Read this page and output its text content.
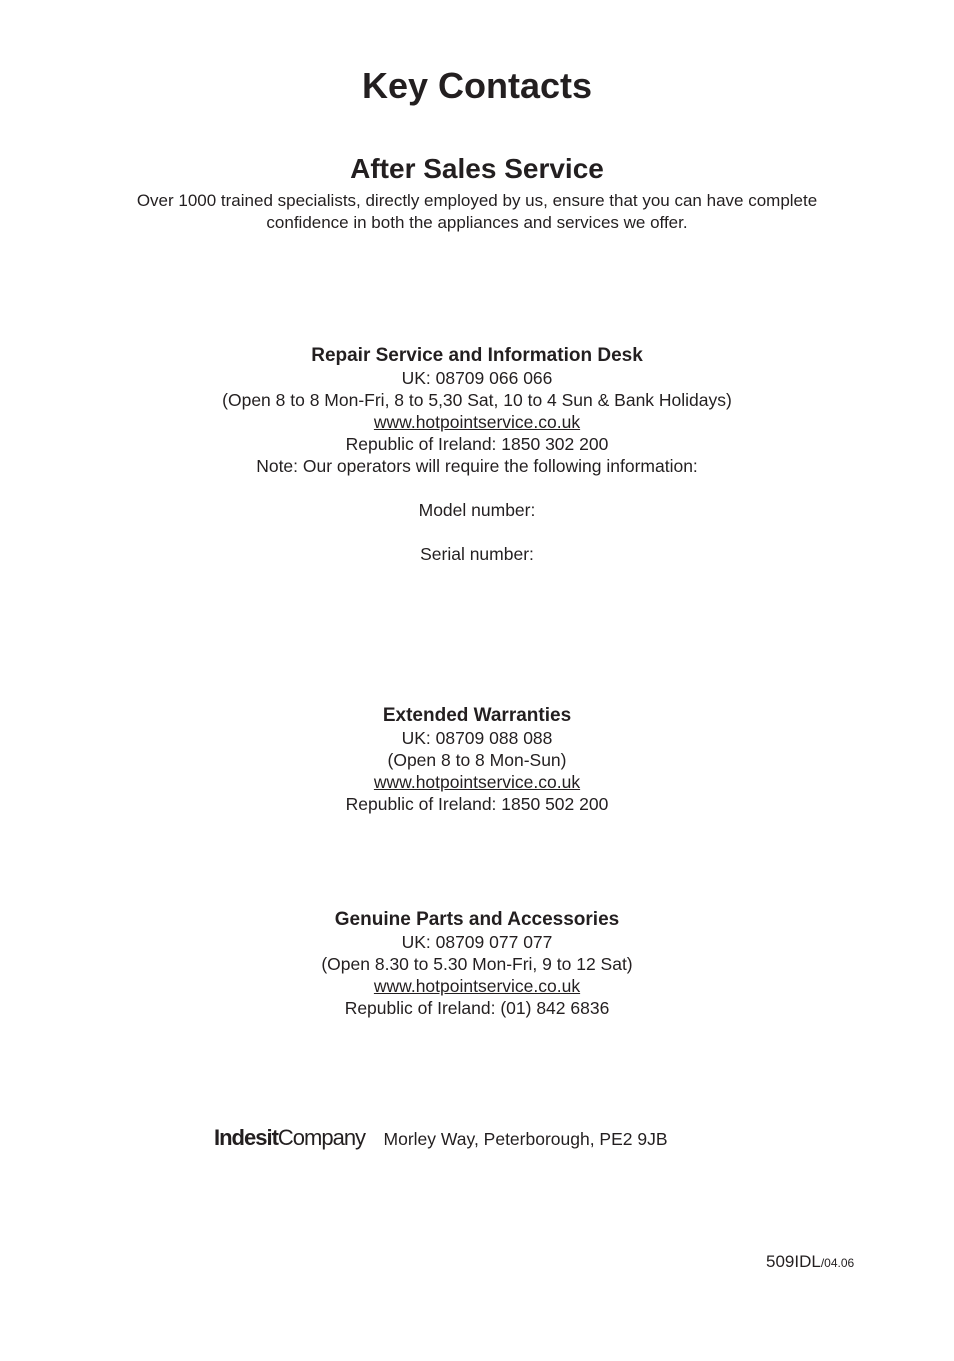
Key Contacts
After Sales Service
Over 1000 trained specialists, directly employed by us, ensure that you can have complete
confidence in both the appliances and services we offer.
Repair Service and Information Desk
UK: 08709 066 066
(Open 8 to 8 Mon-Fri, 8 to 5,30 Sat, 10 to 4 Sun & Bank Holidays)
www.hotpointservice.co.uk
Republic of Ireland: 1850 302 200
Note: Our operators will require the following information:
Model number:
Serial number:
Extended Warranties
UK: 08709 088 088
(Open 8 to 8 Mon-Sun)
www.hotpointservice.co.uk
Republic of Ireland: 1850 502 200
Genuine Parts and Accessories
UK: 08709 077 077
(Open 8.30 to 5.30 Mon-Fri, 9 to 12 Sat)
www.hotpointservice.co.uk
Republic of Ireland: (01) 842 6836
IndesitCompany Morley Way, Peterborough, PE2 9JB
509IDL/04.06
